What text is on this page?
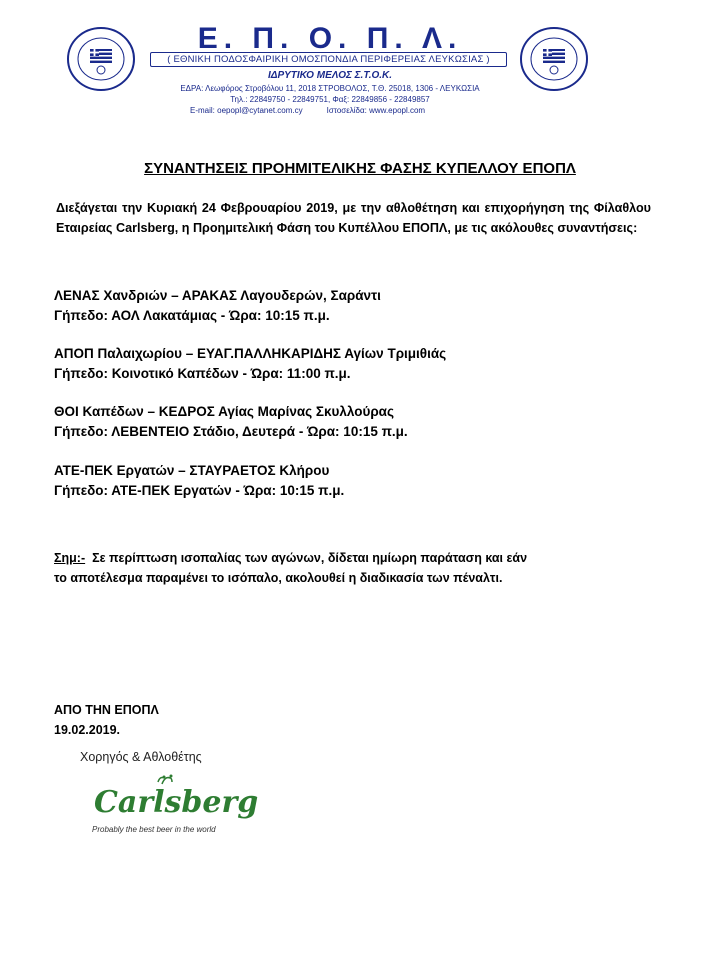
Ε. Π. Ο. Π. Λ.
( ΕΘΝΙΚΗ ΠΟΔΟΣΦΑΙΡΙΚΗ ΟΜΟΣΠΟΝΔΙΑ ΠΕΡΙΦΕΡΕΙΑΣ ΛΕΥΚΩΣΙΑΣ )
ΙΔΡΥΤΙΚΟ ΜΕΛΟΣ Σ.Τ.Ο.Κ.
ΕΔΡΑ: Λεωφόρος Στροβόλου 11, 2018 ΣΤΡΟΒΟΛΟΣ, Τ.Θ. 25018, 1306 - ΛΕΥΚΩΣΙΑ
Τηλ.: 22849750 - 22849751, Φαξ: 22849856 - 22849857
E-mail: oepopl@cytanet.com.cy	Ιστοσελίδα: www.epopl.com
ΣΥΝΑΝΤΗΣΕΙΣ ΠΡΟΗΜΙΤΕΛΙΚΗΣ ΦΑΣΗΣ ΚΥΠΕΛΛΟΥ ΕΠΟΠΛ
Διεξάγεται την Κυριακή 24 Φεβρουαρίου 2019, με την αθλοθέτηση και επιχορήγηση της Φίλαθλου Εταιρείας Carlsberg, η Προημιτελική Φάση του Κυπέλλου ΕΠΟΠΛ, με τις ακόλουθες συναντήσεις:
ΛΕΝΑΣ Χανδριών – ΑΡΑΚΑΣ Λαγουδερών, Σαράντι
Γήπεδο: ΑΟΛ Λακατάμιας - Ώρα: 10:15 π.μ.
ΑΠΟΠ Παλαιχωρίου – ΕΥΑΓ.ΠΑΛΛΗΚΑΡΙΔΗΣ Αγίων Τριμιθιάς
Γήπεδο: Κοινοτικό Καπέδων - Ώρα: 11:00 π.μ.
ΘΟΙ Καπέδων – ΚΕΔΡΟΣ Αγίας Μαρίνας Σκυλλούρας
Γήπεδο: ΛΕΒΕΝΤΕΙΟ Στάδιο, Δευτερά - Ώρα: 10:15 π.μ.
ΑΤΕ-ΠΕΚ Εργατών – ΣΤΑΥΡΑΕΤΟΣ Κλήρου
Γήπεδο: ΑΤΕ-ΠΕΚ Εργατών - Ώρα: 10:15 π.μ.
Σημ:- Σε περίπτωση ισοπαλίας των αγώνων, δίδεται ημίωρη παράταση και εάν
το αποτέλεσμα παραμένει το ισόπαλο, ακολουθεί η διαδικασία των πέναλτι.
ΑΠΟ ΤΗΝ ΕΠΟΠΛ
19.02.2019.
Χορηγός & Αθλοθέτης
Carlsberg
Probably the best beer in the world
